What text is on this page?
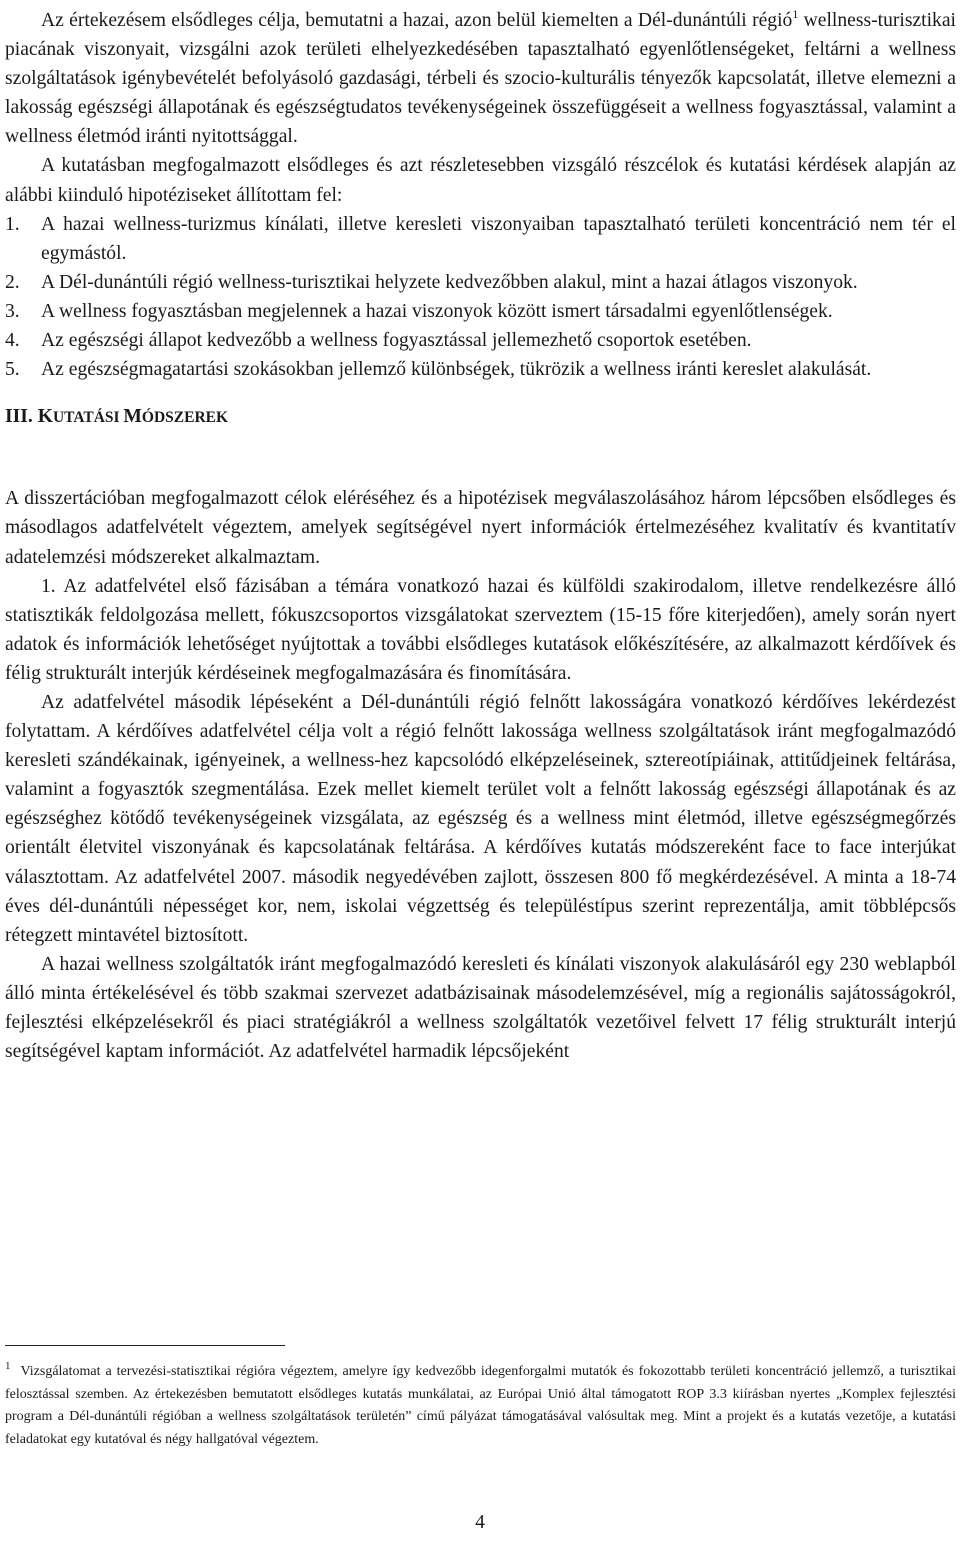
Az értekezésem elsődleges célja, bemutatni a hazai, azon belül kiemelten a Dél-dunántúli régió$^1$ wellness-turisztikai piacának viszonyait, vizsgálni azok területi elhelyezkedésében tapasztalható egyenlőtlenségeket, feltárni a wellness szolgáltatások igénybevételét befolyásoló gazdasági, térbeli és szocio-kulturális tényezők kapcsolatát, illetve elemezni a lakosság egészségi állapotának és egészségtudatos tevékenységeinek összefüggéseit a wellness fogyasztással, valamint a wellness életmód iránti nyitottsággal.

A kutatásban megfogalmazott elsődleges és azt részletesebben vizsgáló részcélok és kutatási kérdések alapján az alábbi kiinduló hipotéziseket állítottam fel:

1.	A hazai wellness-turizmus kínálati, illetve keresleti viszonyaiban tapasztalható területi koncentráció nem tér el egymástól.
2.	A Dél-dunántúli régió wellness-turisztikai helyzete kedvezőbben alakul, mint a hazai átlagos viszonyok.
3.	A wellness fogyasztásban megjelennek a hazai viszonyok között ismert társadalmi egyenlőtlenségek.
4.	Az egészségi állapot kedvezőbb a wellness fogyasztással jellemezhető csoportok esetében.
5.	Az egészségmagatartási szokásokban jellemző különbségek, tükrözik a wellness iránti kereslet alakulását.
III. KUTATÁSI MÓDSZEREK

A disszertációban megfogalmazott célok eléréséhez és a hipotézisek megválaszolásához három lépcsőben elsődleges és másodlagos adatfelvételt végeztem, amelyek segítségével nyert információk értelmezéséhez kvalitatív és kvantitatív adatelemzési módszereket alkalmaztam.

1. Az adatfelvétel első fázisában a témára vonatkozó hazai és külföldi szakirodalom, illetve rendelkezésre álló statisztikák feldolgozása mellett, fókuszcsoportos vizsgálatokat szerveztem (15-15 főre kiterjedően), amely során nyert adatok és információk lehetőséget nyújtottak a további elsődleges kutatások előkészítésére, az alkalmazott kérdőívek és félig strukturált interjúk kérdéseinek megfogalmazására és finomítására.

Az adatfelvétel második lépéseként a Dél-dunántúli régió felnőtt lakosságára vonatkozó kérdőíves lekérdezést folytattam. A kérdőíves adatfelvétel célja volt a régió felnőtt lakossága wellness szolgáltatások iránt megfogalmazódó keresleti szándékainak, igényeinek, a wellness-hez kapcsolódó elképzeléseinek, sztereotípiáinak, attitűdjeinek feltárása, valamint a fogyasztók szegmentálása. Ezek mellet kiemelt terület volt a felnőtt lakosság egészségi állapotának és az egészséghez kötődő tevékenységeinek vizsgálata, az egészség és a wellness mint életmód, illetve egészségmegőrzés orientált életvitel viszonyának és kapcsolatának feltárása. A kérdőíves kutatás módszereként face to face interjúkat választottam. Az adatfelvétel 2007. második negyedévében zajlott, összesen 800 fő megkérdezésével. A minta a 18-74 éves dél-dunántúli népességet kor, nem, iskolai végzettség és településtípus szerint reprezentálja, amit többlépcsős rétegzett mintavétel biztosított.

A hazai wellness szolgáltatók iránt megfogalmazódó keresleti és kínálati viszonyok alakulásáról egy 230 weblapból álló minta értékelésével és több szakmai szervezet adatbázisainak másodelemzésével, míg a regionális sajátosságokról, fejlesztési elképzelésekről és piaci stratégiákról a wellness szolgáltatók vezetőivel felvett 17 félig strukturált interjú segítségével kaptam információt. Az adatfelvétel harmadik lépcsőjeként

$^1$ Vizsgálatomat a tervezési-statisztikai régióra végeztem, amelyre így kedvezőbb idegenforgalmi mutatók és fokozottabb területi koncentráció jellemző, a turisztikai felosztással szemben. Az értekezésben bemutatott elsődleges kutatás munkálatai, az Európai Unió által támogatott ROP 3.3 kiírásban nyertes „Komplex fejlesztési program a Dél-dunántúli régióban a wellness szolgáltatások területén” című pályázat támogatásával valósultak meg. Mint a projekt és a kutatás vezetője, a kutatási feladatokat egy kutatóval és négy hallgatóval végeztem.
4
